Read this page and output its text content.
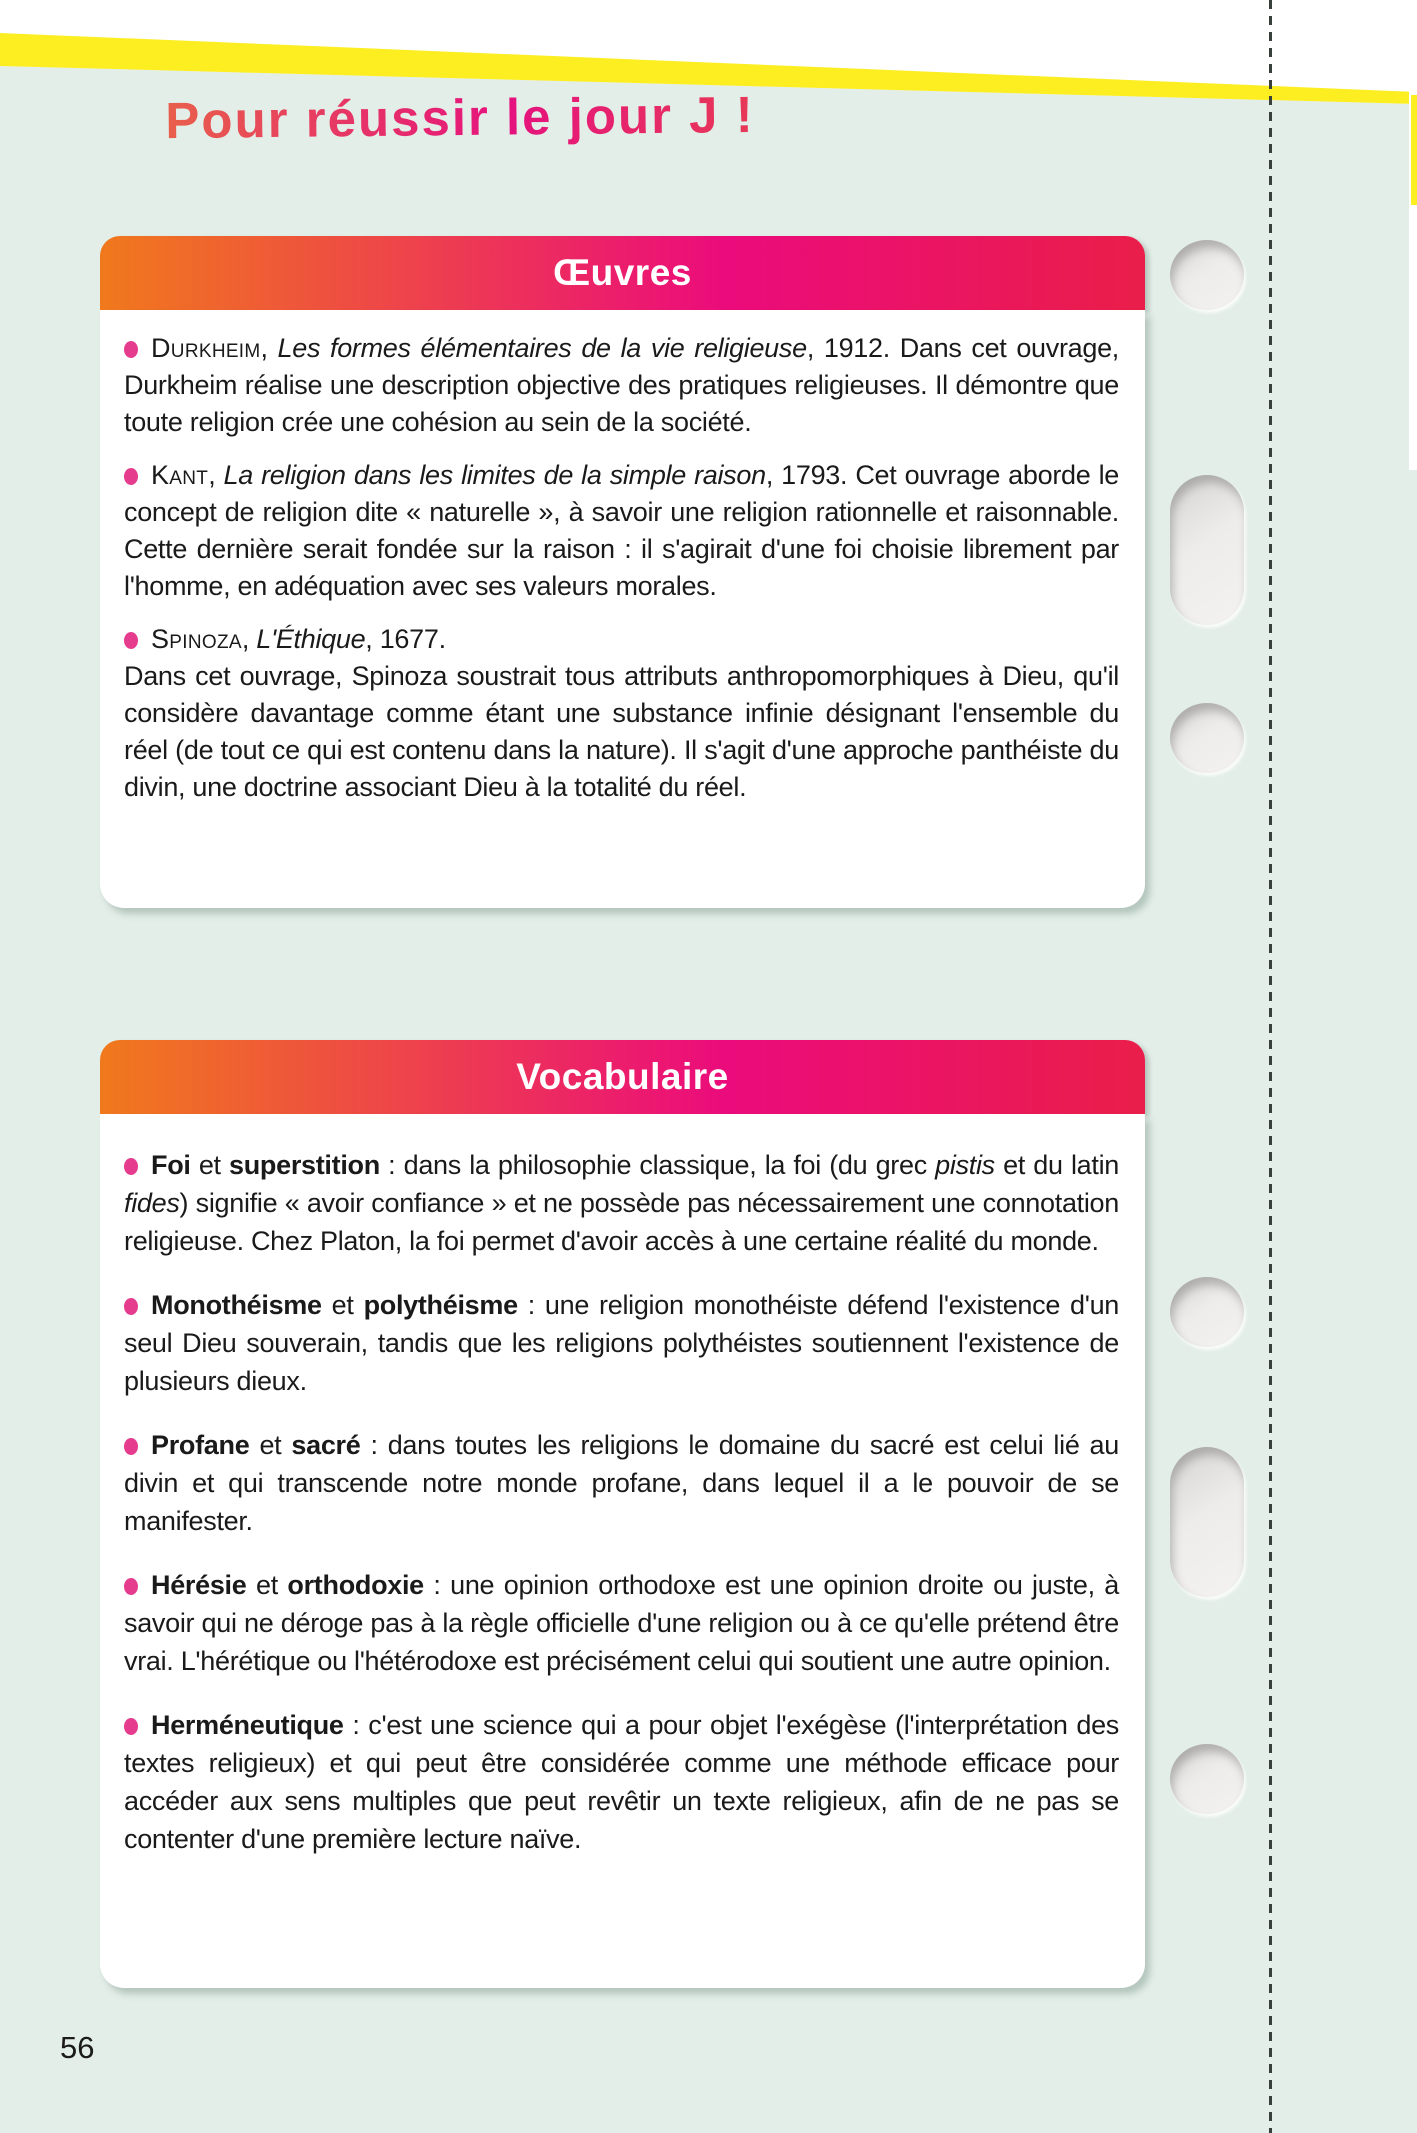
Pour réussir le jour J !
Œuvres

Durkheim, Les formes élémentaires de la vie religieuse, 1912. Dans cet ouvrage, Durkheim réalise une description objective des pratiques religieuses. Il démontre que toute religion crée une cohésion au sein de la société.

Kant, La religion dans les limites de la simple raison, 1793. Cet ouvrage aborde le concept de religion dite « naturelle », à savoir une religion rationnelle et raisonnable. Cette dernière serait fondée sur la raison : il s'agirait d'une foi choisie librement par l'homme, en adéquation avec ses valeurs morales.

Spinoza, L'Éthique, 1677.
Dans cet ouvrage, Spinoza soustrait tous attributs anthropomorphiques à Dieu, qu'il considère davantage comme étant une substance infinie désignant l'ensemble du réel (de tout ce qui est contenu dans la nature). Il s'agit d'une approche panthéiste du divin, une doctrine associant Dieu à la totalité du réel.

Vocabulaire

Foi et superstition : dans la philosophie classique, la foi (du grec pistis et du latin fides) signifie « avoir confiance » et ne possède pas nécessairement une connotation religieuse. Chez Platon, la foi permet d'avoir accès à une certaine réalité du monde.

Monothéisme et polythéisme : une religion monothéiste défend l'existence d'un seul Dieu souverain, tandis que les religions polythéistes soutiennent l'existence de plusieurs dieux.

Profane et sacré : dans toutes les religions le domaine du sacré est celui lié au divin et qui transcende notre monde profane, dans lequel il a le pouvoir de se manifester.

Hérésie et orthodoxie : une opinion orthodoxe est une opinion droite ou juste, à savoir qui ne déroge pas à la règle officielle d'une religion ou à ce qu'elle prétend être vrai. L'hérétique ou l'hétérodoxe est précisément celui qui soutient une autre opinion.

Herméneutique : c'est une science qui a pour objet l'exégèse (l'interprétation des textes religieux) et qui peut être considérée comme une méthode efficace pour accéder aux sens multiples que peut revêtir un texte religieux, afin de ne pas se contenter d'une première lecture naïve.

56
